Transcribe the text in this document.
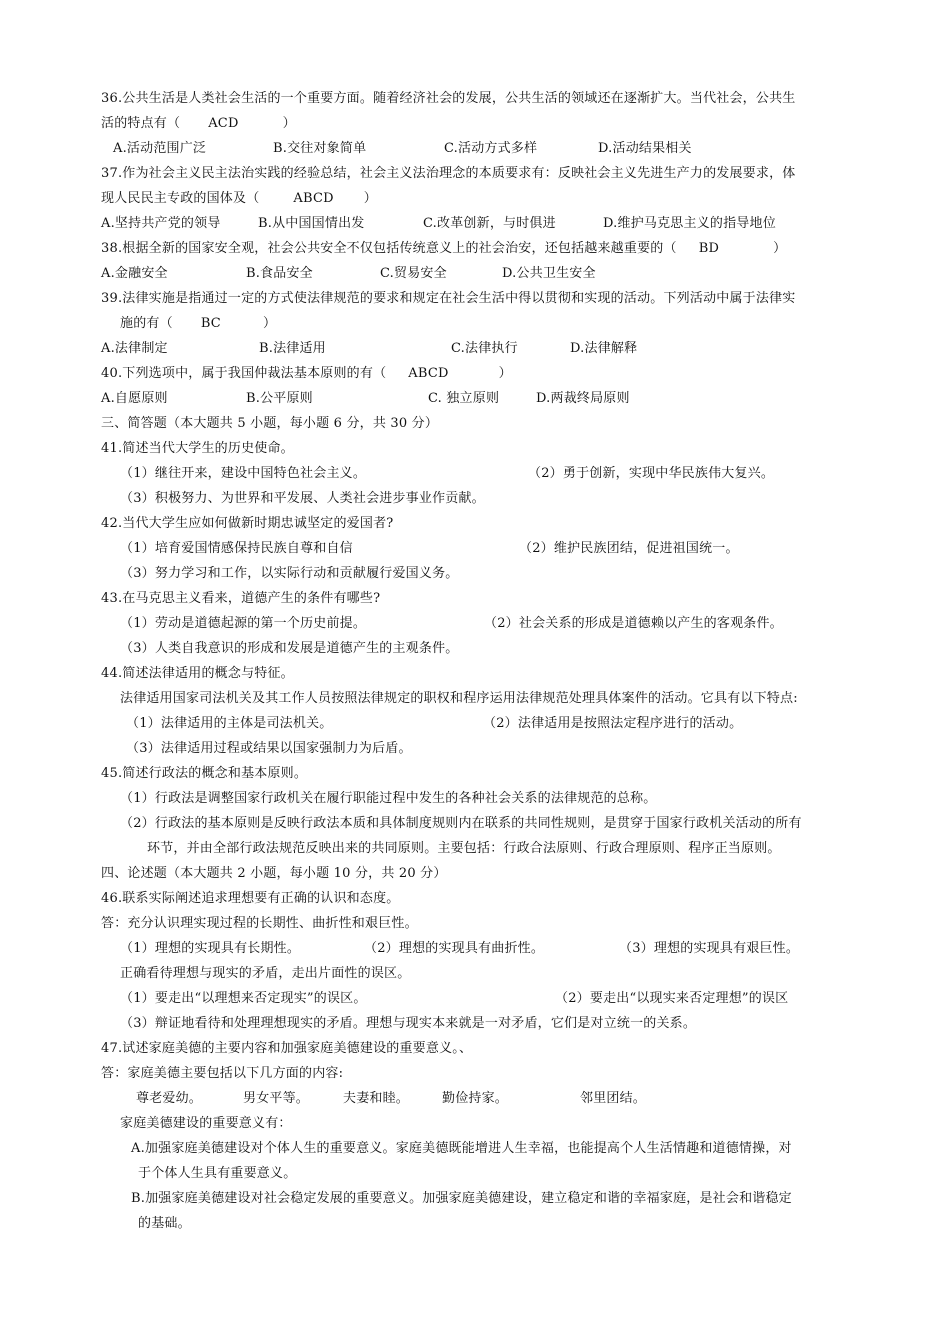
36.公共生活是人类社会生活的一个重要方面。随着经济社会的发展，公共生活的领域还在逐渐扩大。当代社会，公共生
活的特点有（ ACD	）
A.活动范围广泛	B.交往对象简单	C.活动方式多样	D.活动结果相关
37.作为社会主义民主法治实践的经验总结，社会主义法治理念的本质要求有：反映社会主义先进生产力的发展要求，体
现人民民主专政的国体及（	ABCD ）
A.坚持共产党的领导	B.从中国国情出发	C.改革创新，与时俱进	D.维护马克思主义的指导地位
38.根据全新的国家安全观，社会公共安全不仅包括传统意义上的社会治安，还包括越来越重要的（ BD	）
A.金融安全	B.食品安全	C.贸易安全	D.公共卫生安全
39.法律实施是指通过一定的方式使法律规范的要求和规定在社会生活中得以贯彻和实现的活动。下列活动中属于法律实
施的有（ BC	）
A.法律制定	B.法律适用	C.法律执行	D.法律解释
40.下列选项中，属于我国仲裁法基本原则的有（ ABCD	）
A.自愿原则	B.公平原则	C. 独立原则	D.两裁终局原则
三、简答题（本大题共 5 小题，每小题 6 分，共 30 分）
41.简述当代大学生的历史使命。
（1）继往开来，建设中国特色社会主义。	（2）勇于创新，实现中华民族伟大复兴。
（3）积极努力、为世界和平发展、人类社会进步事业作贡献。
42.当代大学生应如何做新时期忠诚坚定的爱国者?
（1）培育爱国情感保持民族自尊和自信	（2）维护民族团结，促进祖国统一。
（3）努力学习和工作，以实际行动和贡献履行爱国义务。
43.在马克思主义看来，道德产生的条件有哪些?
（1）劳动是道德起源的第一个历史前提。	（2）社会关系的形成是道德赖以产生的客观条件。
（3）人类自我意识的形成和发展是道德产生的主观条件。
44.简述法律适用的概念与特征。
法律适用国家司法机关及其工作人员按照法律规定的职权和程序运用法律规范处理具体案件的活动。它具有以下特点:
（1）法律适用的主体是司法机关。	（2）法律适用是按照法定程序进行的活动。
（3）法律适用过程或结果以国家强制力为后盾。
45.简述行政法的概念和基本原则。
（1）行政法是调整国家行政机关在履行职能过程中发生的各种社会关系的法律规范的总称。
（2）行政法的基本原则是反映行政法本质和具体制度规则内在联系的共同性规则，是贯穿于国家行政机关活动的所有
环节，并由全部行政法规范反映出来的共同原则。主要包括：行政合法原则、行政合理原则、程序正当原则。
四、论述题（本大题共 2 小题，每小题 10 分，共 20 分）
46.联系实际阐述追求理想要有正确的认识和态度。
答：充分认识理实现过程的长期性、曲折性和艰巨性。
（1）理想的实现具有长期性。	（2）理想的实现具有曲折性。	（3）理想的实现具有艰巨性。
正确看待理想与现实的矛盾，走出片面性的误区。
（1）要走出“以理想来否定现实”的误区。	（2）要走出“以现实来否定理想”的误区
（3）辩证地看待和处理理想现实的矛盾。理想与现实本来就是一对矛盾，它们是对立统一的关系。
47.试述家庭美德的主要内容和加强家庭美德建设的重要意义。、
答：家庭美德主要包括以下几方面的内容:
尊老爱幼。	男女平等。	夫妻和睦。	勤俭持家。	邻里团结。
家庭美德建设的重要意义有：
A.加强家庭美德建设对个体人生的重要意义。家庭美德既能增进人生幸福，也能提高个人生活情趣和道德情操，对
于个体人生具有重要意义。
B.加强家庭美德建设对社会稳定发展的重要意义。加强家庭美德建设，建立稳定和谐的幸福家庭，是社会和谐稳定
的基础。
